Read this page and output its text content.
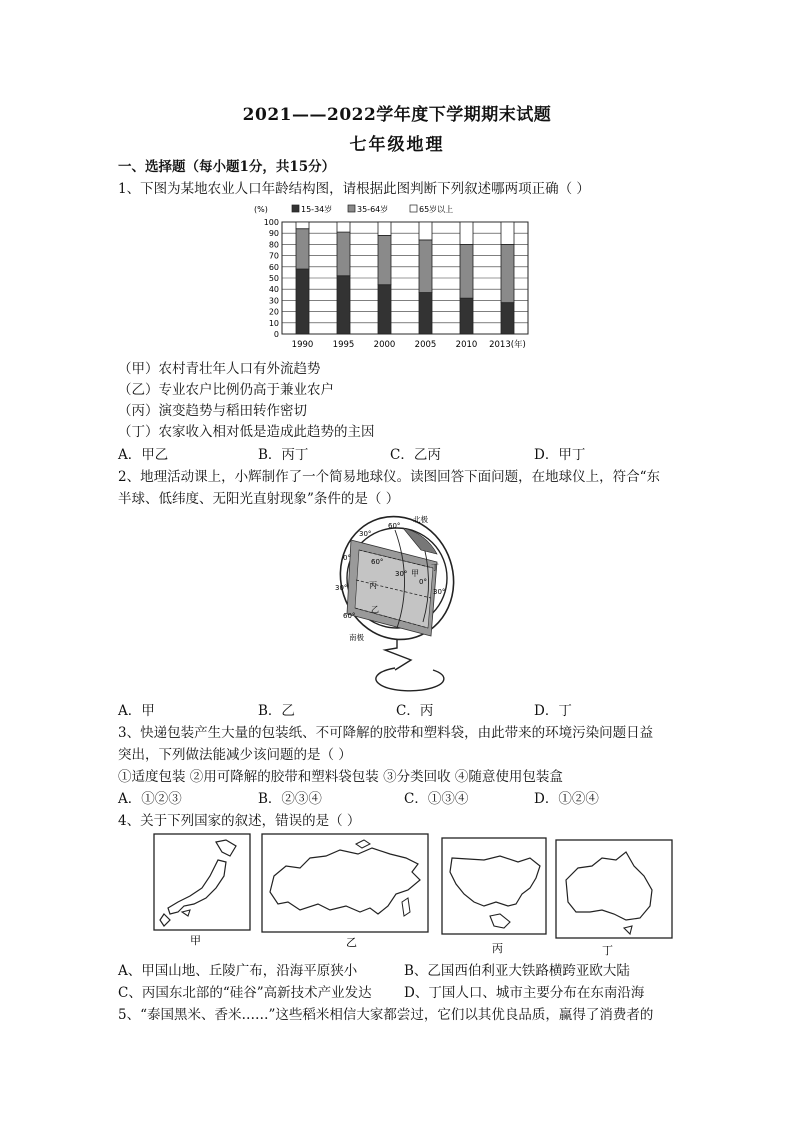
2021——2022学年度下学期期末试题
七年级地理
一、选择题（每小题1分，共15分）
1、下图为某地农业人口年龄结构图，请根据此图判断下列叙述哪两项正确（ ）
0
10
20
30
40
50
60
70
80
90
100
(%)	15-34岁	35-64岁	65岁以上
1990 1995 2000 2005 2010 2013(年)
（甲）农村青壮年人口有外流趋势
（乙）专业农户比例仍高于兼业农户
（丙）演变趋势与稻田转作密切
（丁）农家收入相对低是造成此趋势的主因
A．甲乙	B．丙丁	C．乙丙	D．甲丁
2、地理活动课上，小辉制作了一个简易地球仪。读图回答下面问题，在地球仪上，符合“东
半球、低纬度、无阳光直射现象”条件的是（ ）
60°
北极
30°
0°
30°
60°
60°
30°
0°
30°
甲
丁
丙
乙
南极
A．甲	B．乙	C．丙	D．丁
3、快递包装产生大量的包装纸、不可降解的胶带和塑料袋，由此带来的环境污染问题日益
突出，下列做法能减少该问题的是（ ）
①适度包装 ②用可降解的胶带和塑料袋包装 ③分类回收 ④随意使用包装盒
A．①②③	B．②③④	C．①③④	D．①②④
4、关于下列国家的叙述，错误的是（ ）
甲	乙	丙	丁
A、甲国山地、丘陵广布，沿海平原狭小	B、乙国西伯利亚大铁路横跨亚欧大陆
C、丙国东北部的“硅谷”高新技术产业发达 D、丁国人口、城市主要分布在东南沿海
5、“泰国黑米、香米……”这些稻米相信大家都尝过，它们以其优良品质，赢得了消费者的
